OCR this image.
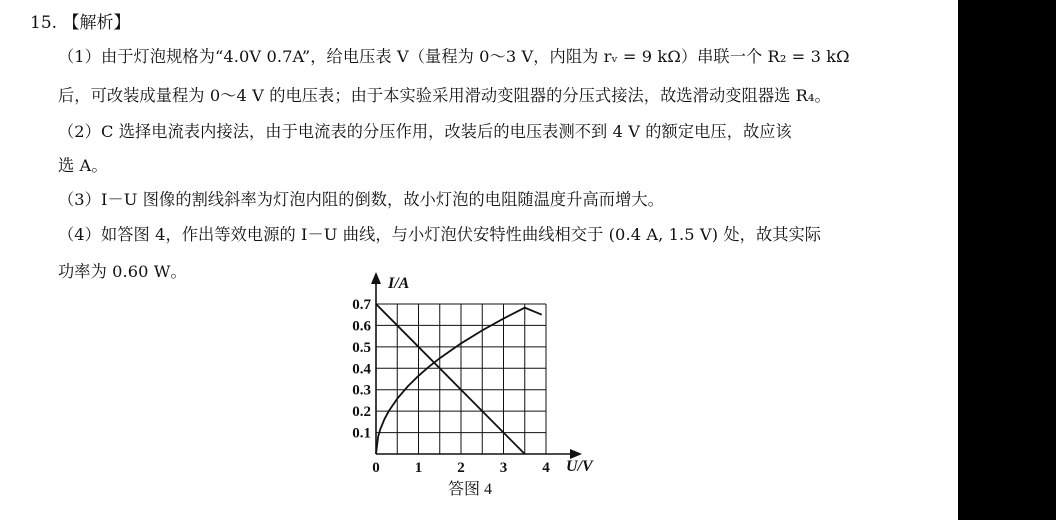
15. 【解析】
（1）由于灯泡规格为“4.0V 0.7A”，给电压表 V（量程为 0～3 V，内阻为 rᵥ = 9 kΩ）串联一个 R₂ = 3 kΩ
后，可改装成量程为 0～4 V 的电压表；由于本实验采用滑动变阻器的分压式接法，故选滑动变阻器选 R₄。
（2）C 选择电流表内接法，由于电流表的分压作用，改装后的电压表测不到 4 V 的额定电压，故应该
选 A。
（3）I－U 图像的割线斜率为灯泡内阻的倒数，故小灯泡的电阻随温度升高而增大。
（4）如答图 4，作出等效电源的 I－U 曲线，与小灯泡伏安特性曲线相交于 (0.4 A, 1.5 V) 处，故其实际
功率为 0.60 W。
0 1 2 3 4
0.1
0.2
0.3
0.4
0.5
0.6
0.7
I/A
U/V
答图 4
